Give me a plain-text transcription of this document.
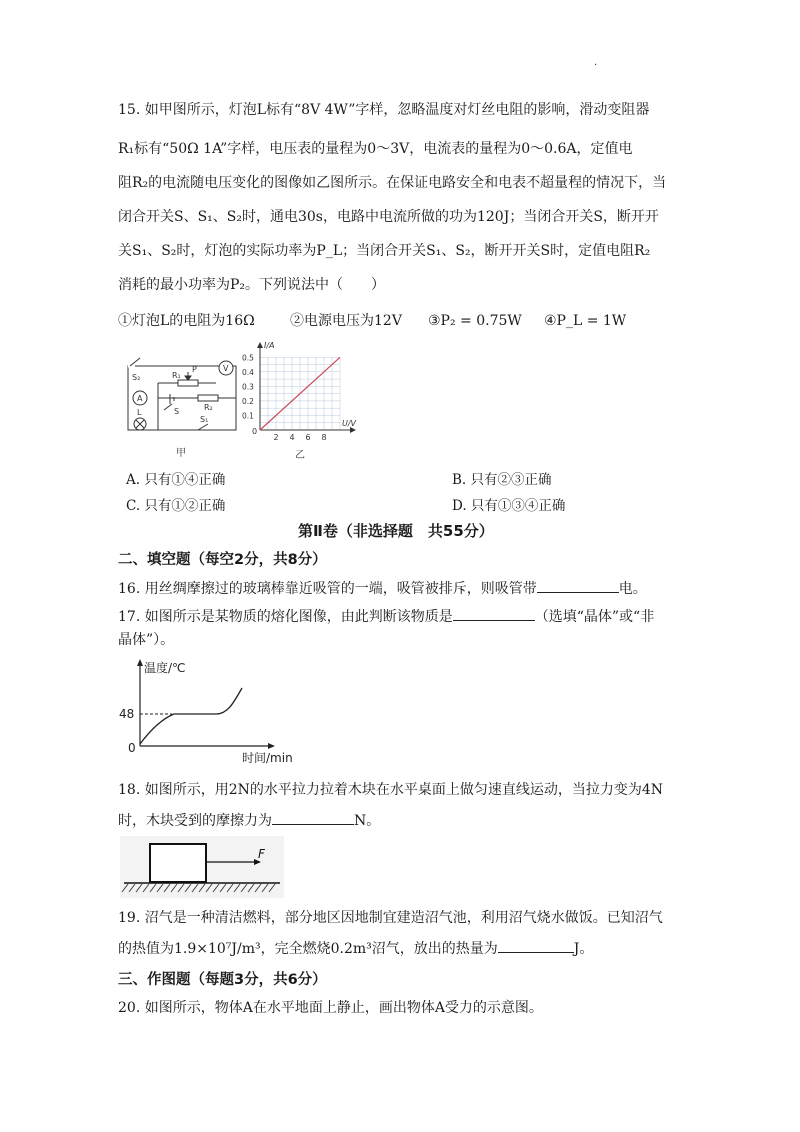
.
15. 如甲图所示，灯泡L标有“8V 4W”字样，忽略温度对灯丝电阻的影响，滑动变阻器
R₁标有“50Ω 1A”字样，电压表的量程为0～3V，电流表的量程为0～0.6A，定值电
阻R₂的电流随电压变化的图像如乙图所示。在保证电路安全和电表不超量程的情况下，当
闭合开关S、S₁、S₂时，通电30s，电路中电流所做的功为120J；当闭合开关S，断开开
关S₁、S₂时，灯泡的实际功率为P_L；当闭合开关S₁、S₂，断开开关S时，定值电阻R₂
消耗的最小功率为P₂。下列说法中（　　）
①灯泡L的电阻为16Ω	②电源电压为12V ③P₂ = 0.75W ④P_L = 1W
S₂	R₁
P	V
A
L	S	R₂
S₁
甲
2 4 6 8
0.1
0.2
0.3
0.4
0.5
I/A
U/V
0
乙
A. 只有①④正确	B. 只有②③正确
C. 只有①②正确	D. 只有①③④正确
第Ⅱ卷（非选择题　共55分）
二、填空题（每空2分，共8分）
16. 用丝绸摩擦过的玻璃棒靠近吸管的一端，吸管被排斥，则吸管带	电。
17. 如图所示是某物质的熔化图像，由此判断该物质是	（选填“晶体”或“非
晶体”）。
温度/℃
时间/min
48
0
18. 如图所示，用2N的水平拉力拉着木块在水平桌面上做匀速直线运动，当拉力变为4N
时，木块受到的摩擦力为	N。
F
19. 沼气是一种清洁燃料，部分地区因地制宜建造沼气池，利用沼气烧水做饭。已知沼气
的热值为1.9×10⁷J/m³，完全燃烧0.2m³沼气，放出的热量为	J。
三、作图题（每题3分，共6分）
20. 如图所示，物体A在水平地面上静止，画出物体A受力的示意图。
